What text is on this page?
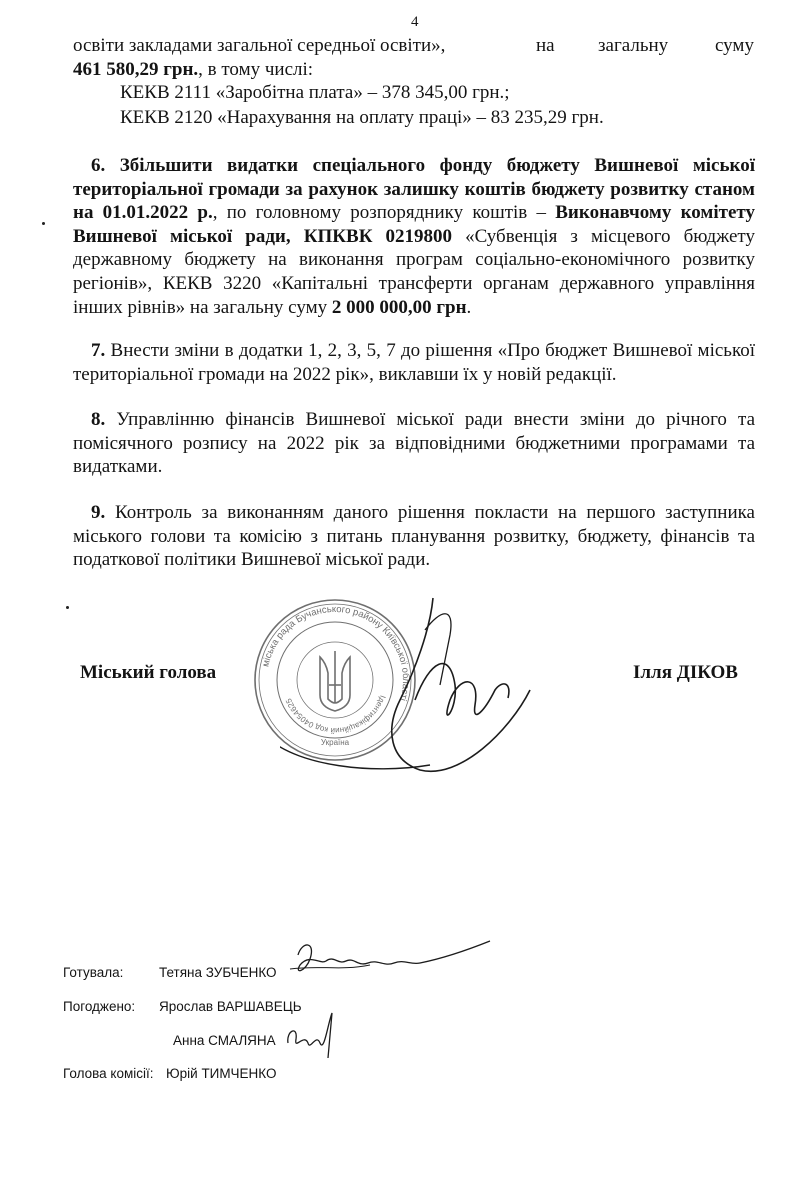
4
освіти закладами загальної середньої освіти»,	на загальну суму
461 580,29 грн., в тому числі:
КЕКВ 2111 «Заробітна плата» – 378 345,00 грн.;
КЕКВ 2120 «Нарахування на оплату праці» – 83 235,29 грн.

6. Збільшити видатки спеціального фонду бюджету Вишневої міської територіальної громади за рахунок залишку коштів бюджету розвитку станом на 01.01.2022 р., по головному розпоряднику коштів – Виконавчому комітету Вишневої міської ради, КПКВК 0219800 «Субвенція з місцевого бюджету державному бюджету на виконання програм соціально-економічного розвитку регіонів», КЕКВ 3220 «Капітальні трансферти органам державного управління інших рівнів» на загальну суму 2 000 000,00 грн.

7. Внести зміни в додатки 1, 2, 3, 5, 7 до рішення «Про бюджет Вишневої міської територіальної громади на 2022 рік», виклавши їх у новій редакції.
8. Управлінню фінансів Вишневої міської ради внести зміни до річного та помісячного розпису на 2022 рік за відповідними бюджетними програмами та видатками.
9. Контроль за виконанням даного рішення покласти на першого заступника міського голови та комісію з питань планування розвитку, бюджету, фінансів та податкової політики Вишневої міської ради.
міська рада Бучанського району Київської області
Ідентифікаційний код 04054625
Україна
Міський голова	Ілля ДІКОВ
Готувала:	Тетяна ЗУБЧЕНКО
Погоджено: Ярослав ВАРШАВЕЦЬ
Анна СМАЛЯНА
Голова комісії: Юрій ТИМЧЕНКО
